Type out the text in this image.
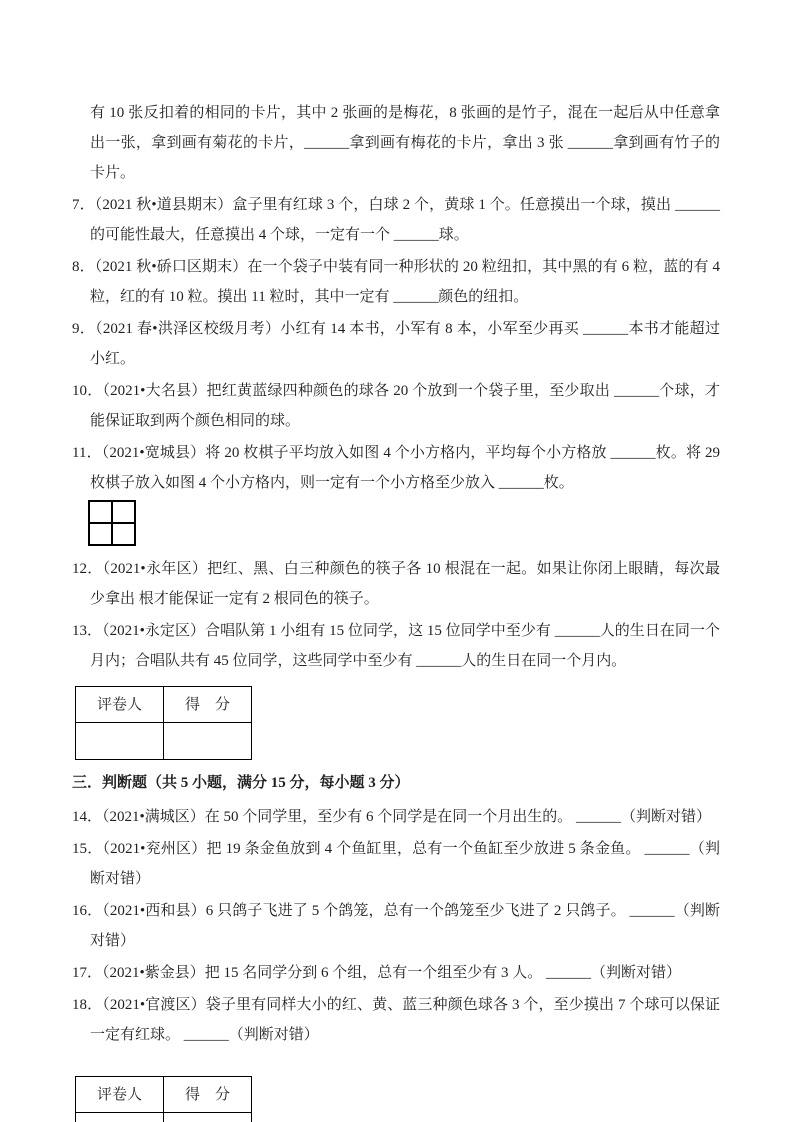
有 10 张反扣着的相同的卡片，其中 2 张画的是梅花，8 张画的是竹子，混在一起后从中任意拿出一张，拿到画有菊花的卡片，______拿到画有梅花的卡片，拿出 3 张 ______拿到画有竹子的卡片。

7．（2021 秋•道县期末）盒子里有红球 3 个，白球 2 个，黄球 1 个。任意摸出一个球，摸出 ______的可能性最大，任意摸出 4 个球，一定有一个 ______球。

8．（2021 秋•硚口区期末）在一个袋子中装有同一种形状的 20 粒纽扣，其中黑的有 6 粒，蓝的有 4 粒，红的有 10 粒。摸出 11 粒时，其中一定有 ______颜色的纽扣。

9．（2021 春•洪泽区校级月考）小红有 14 本书，小军有 8 本，小军至少再买 ______本书才能超过小红。

10．（2021•大名县）把红黄蓝绿四种颜色的球各 20 个放到一个袋子里，至少取出 ______个球，才能保证取到两个颜色相同的球。

11．（2021•宽城县）将 20 枚棋子平均放入如图 4 个小方格内，平均每个小方格放 ______枚。将 29 枚棋子放入如图 4 个小方格内，则一定有一个小方格至少放入 ______枚。

12．（2021•永年区）把红、黑、白三种颜色的筷子各 10 根混在一起。如果让你闭上眼睛，每次最少拿出 根才能保证一定有 2 根同色的筷子。

13．（2021•永定区）合唱队第 1 小组有 15 位同学，这 15 位同学中至少有 ______人的生日在同一个月内；合唱队共有 45 位同学，这些同学中至少有 ______人的生日在同一个月内。

评卷人	得　分

三．判断题（共 5 小题，满分 15 分，每小题 3 分）

14．（2021•满城区）在 50 个同学里，至少有 6 个同学是在同一个月出生的。 ______（判断对错）

15．（2021•兖州区）把 19 条金鱼放到 4 个鱼缸里，总有一个鱼缸至少放进 5 条金鱼。 ______（判断对错）

16．（2021•西和县）6 只鸽子飞进了 5 个鸽笼，总有一个鸽笼至少飞进了 2 只鸽子。 ______（判断对错）

17．（2021•紫金县）把 15 名同学分到 6 个组，总有一个组至少有 3 人。 ______（判断对错）

18．（2021•官渡区）袋子里有同样大小的红、黄、蓝三种颜色球各 3 个，至少摸出 7 个球可以保证一定有红球。 ______（判断对错）

评卷人	得　分
